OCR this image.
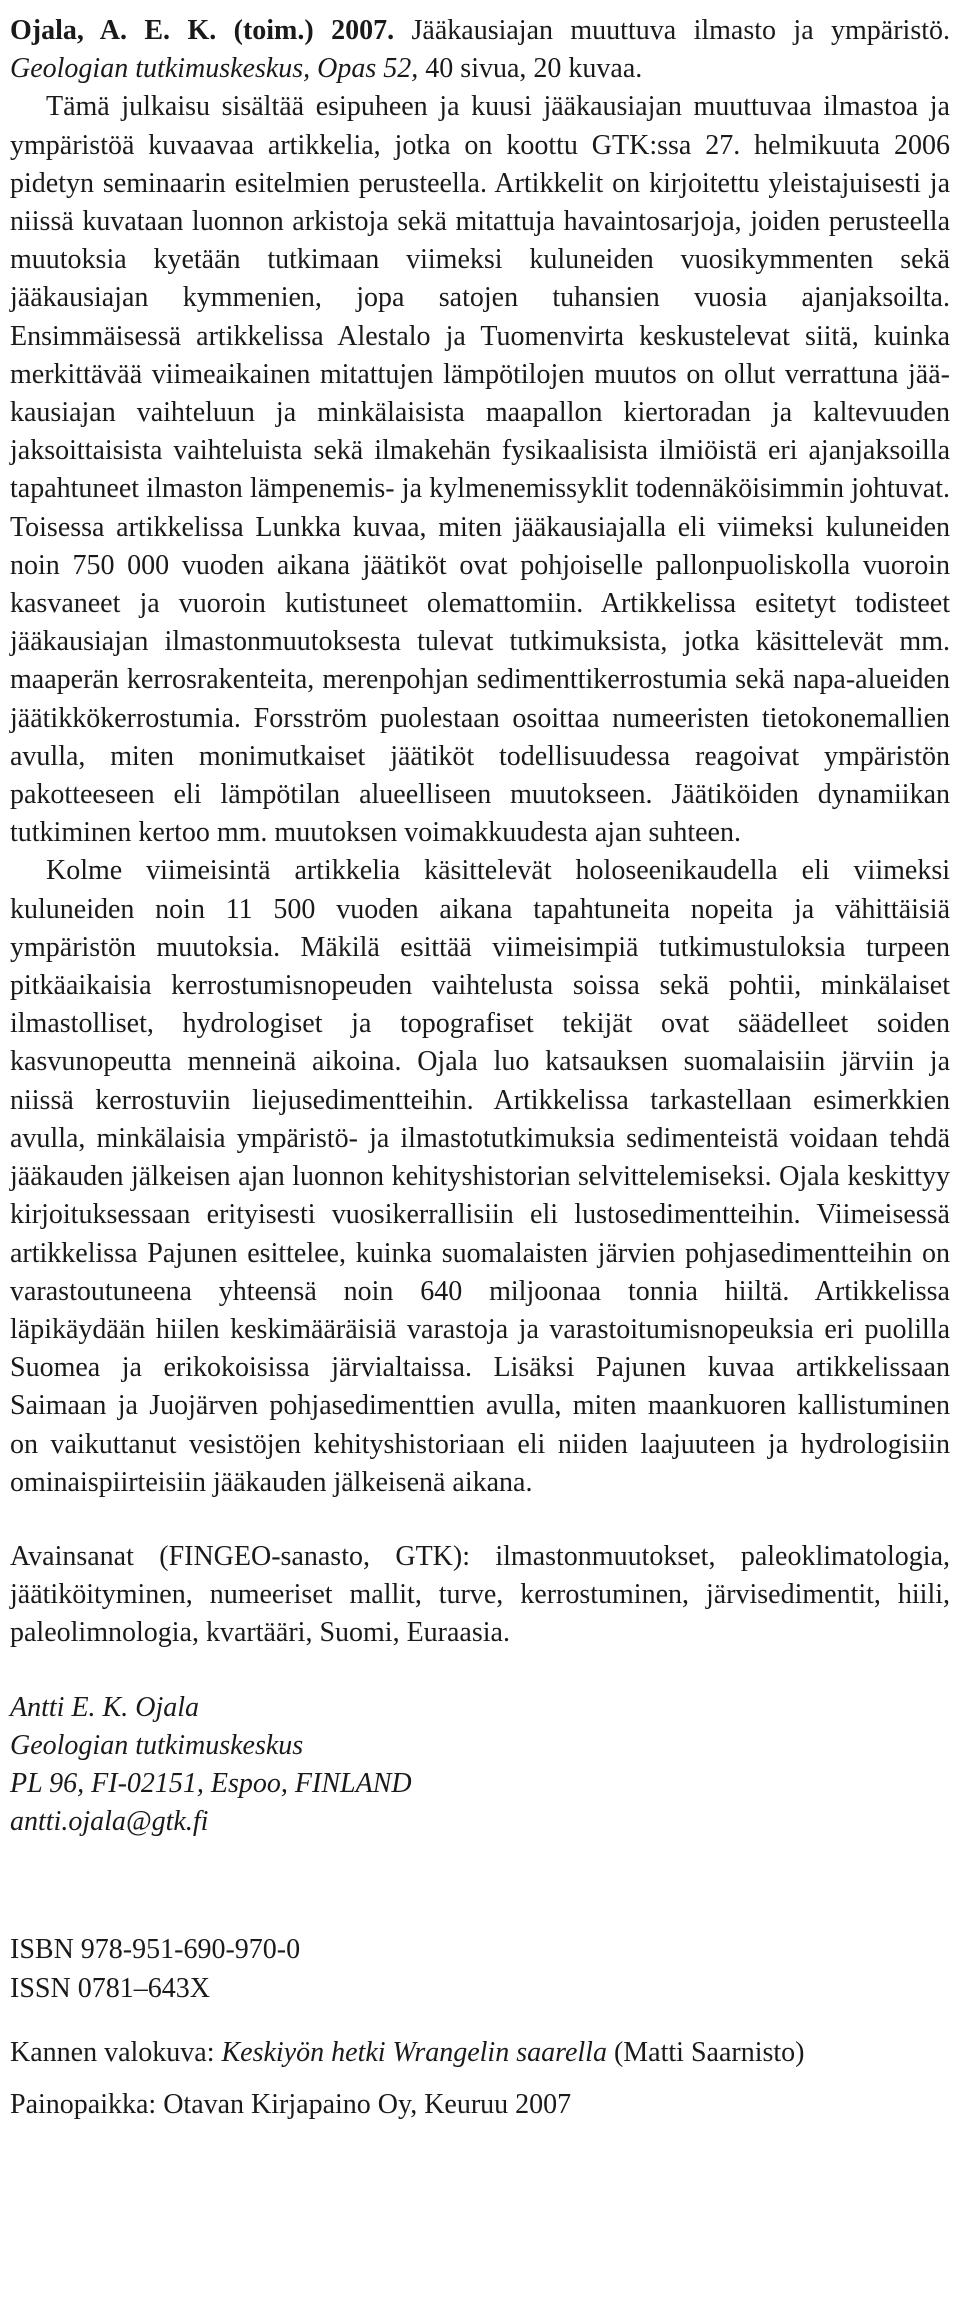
Ojala, A. E. K. (toim.) 2007. Jääkausiajan muuttuva ilmasto ja ympäristö. Geologian tutkimuskeskus, Opas 52, 40 sivua, 20 kuvaa.

Tämä julkaisu sisältää esipuheen ja kuusi jääkausiajan muuttuvaa ilmastoa ja ympäristöä kuvaavaa artikkelia, jotka on koottu GTK:ssa 27. helmikuuta 2006 pidetyn seminaarin esitelmien perusteella. Artikkelit on kirjoitettu yleistajuisesti ja niissä kuvataan luonnon arkistoja sekä mitattuja havaintosarjoja, joiden perusteella muutoksia kyetään tutkimaan viimeksi kuluneiden vuosikymmenten sekä jääkausiajan kymmenien, jopa satojen tuhansien vuosia ajanjaksoilta. Ensimmäisessä artikkelissa Alestalo ja Tuomenvirta keskustelevat siitä, kuinka merkittävää viimeaikainen mitattujen lämpötilojen muutos on ollut verrattuna jääkausiajan vaihteluun ja minkälaisista maapallon kiertoradan ja kaltevuuden jaksoittaisista vaihteluista sekä ilmakehän fysikaalisista ilmiöistä eri ajanjaksoilla tapahtuneet ilmaston lämpenemis- ja kylmenemissyklit todennäköisimmin johtuvat. Toisessa artikkelissa Lunkka kuvaa, miten jääkausiajalla eli viimeksi kuluneiden noin 750 000 vuoden aikana jäätiköt ovat pohjoiselle pallonpuoliskolla vuoroin kasvaneet ja vuoroin kutistuneet olemattomiin. Artikkelissa esitetyt todisteet jääkausiajan ilmastonmuutoksesta tulevat tutkimuksista, jotka käsittelevät mm. maaperän kerrosrakenteita, merenpohjan sedimenttikerrostumia sekä napa-alueiden jäätikkökerrostumia. Forsström puolestaan osoittaa numeeristen tietokonemallien avulla, miten monimutkaiset jäätiköt todellisuudessa reagoivat ympäristön pakotteeseen eli lämpötilan alueelliseen muutokseen. Jäätiköiden dynamiikan tutkiminen kertoo mm. muutoksen voimakkuudesta ajan suhteen.

Kolme viimeisintä artikkelia käsittelevät holoseenikaudella eli viimeksi kuluneiden noin 11 500 vuoden aikana tapahtuneita nopeita ja vähittäisiä ympäristön muutoksia. Mäkilä esittää viimeisimpiä tutkimustuloksia turpeen pitkäaikaisia kerrostumisnopeuden vaihtelusta soissa sekä pohtii, minkälaiset ilmastolliset, hydrologiset ja topografiset tekijät ovat säädelleet soiden kasvunopeutta menneinä aikoina. Ojala luo katsauksen suomalaisiin järviin ja niissä kerrostuviin liejusedimentteihin. Artikkelissa tarkastellaan esimerkkien avulla, minkälaisia ympäristö- ja ilmastotutkimuksia sedimenteistä voidaan tehdä jääkauden jälkeisen ajan luonnon kehityshistorian selvittelemiseksi. Ojala keskittyy kirjoituksessaan erityisesti vuosikerrallisiin eli lustosedimentteihin. Viimeisessä artikkelissa Pajunen esittelee, kuinka suomalaisten järvien pohjasedimentteihin on varastoutuneena yhteensä noin 640 miljoonaa tonnia hiiltä. Artikkelissa läpikäydään hiilen keskimääräisiä varastoja ja varastoitumisnopeuksia eri puolilla Suomea ja erikokoisissa järvialtaissa. Lisäksi Pajunen kuvaa artikkelissaan Saimaan ja Juojärven pohjasedimenttien avulla, miten maankuoren kallistuminen on vaikuttanut vesistöjen kehityshistoriaan eli niiden laajuuteen ja hydrologisiin ominaispiirteisiin jääkauden jälkeisenä aikana.

Avainsanat (FINGEO-sanasto, GTK): ilmastonmuutokset, paleoklimatologia, jäätiköityminen, numeeriset mallit, turve, kerrostuminen, järvisedimentit, hiili, paleolimnologia, kvartääri, Suomi, Euraasia.

Antti E. K. Ojala
Geologian tutkimuskeskus
PL 96, FI-02151, Espoo, FINLAND
antti.ojala@gtk.fi
ISBN 978-951-690-970-0
ISSN 0781–643X

Kannen valokuva: Keskiyön hetki Wrangelin saarella (Matti Saarnisto)

Painopaikka: Otavan Kirjapaino Oy, Keuruu 2007
